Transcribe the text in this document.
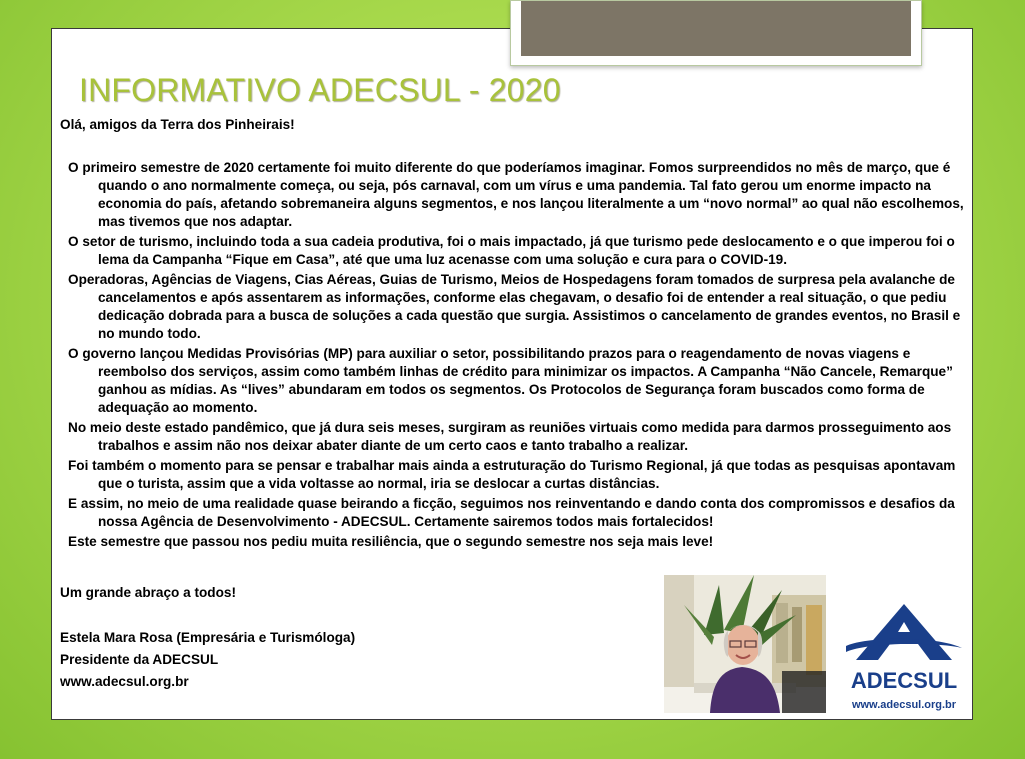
INFORMATIVO ADECSUL - 2020

Olá, amigos da Terra dos Pinheirais!

O primeiro semestre de 2020 certamente foi muito diferente do que poderíamos imaginar. Fomos surpreendidos no mês de março, que é quando o ano normalmente começa, ou seja, pós carnaval, com um vírus e uma pandemia. Tal fato gerou um enorme impacto na economia do país, afetando sobremaneira alguns segmentos, e nos lançou literalmente a um “novo normal” ao qual não escolhemos, mas tivemos que nos adaptar.
O setor de turismo, incluindo toda a sua cadeia produtiva, foi o mais impactado, já que turismo pede deslocamento e o que imperou foi o lema da Campanha “Fique em Casa”, até que uma luz acenasse com uma solução e cura para o COVID-19.
Operadoras, Agências de Viagens, Cias Aéreas, Guias de Turismo, Meios de Hospedagens foram tomados de surpresa pela avalanche de cancelamentos e após assentarem as informações, conforme elas chegavam, o desafio foi de entender a real situação, o que pediu dedicação dobrada para a busca de soluções a cada questão que surgia. Assistimos o cancelamento de grandes eventos, no Brasil e no mundo todo.
O governo lançou Medidas Provisórias (MP) para auxiliar o setor, possibilitando prazos para o reagendamento de novas viagens e reembolso dos serviços, assim como também linhas de crédito para minimizar os impactos. A Campanha “Não Cancele, Remarque” ganhou as mídias. As “lives” abundaram em todos os segmentos. Os Protocolos de Segurança foram buscados como forma de adequação ao momento.
No meio deste estado pandêmico, que já dura seis meses, surgiram as reuniões virtuais como medida para darmos prosseguimento aos trabalhos e assim não nos deixar abater diante de um certo caos e tanto trabalho a realizar.
Foi também o momento para se pensar e trabalhar mais ainda a estruturação do Turismo Regional, já que todas as pesquisas apontavam que o turista, assim que a vida voltasse ao normal, iria se deslocar a curtas distâncias.
E assim, no meio de uma realidade quase beirando a ficção, seguimos nos reinventando e dando conta dos compromissos e desafios da nossa Agência de Desenvolvimento - ADECSUL. Certamente sairemos todos mais fortalecidos!
Este semestre que passou nos pediu muita resiliência, que o segundo semestre nos seja mais leve!

Um grande abraço a todos!

Estela Mara Rosa (Empresária e Turismóloga)
Presidente da ADECSUL
www.adecsul.org.br	ADECSUL
www.adecsul.org.br
